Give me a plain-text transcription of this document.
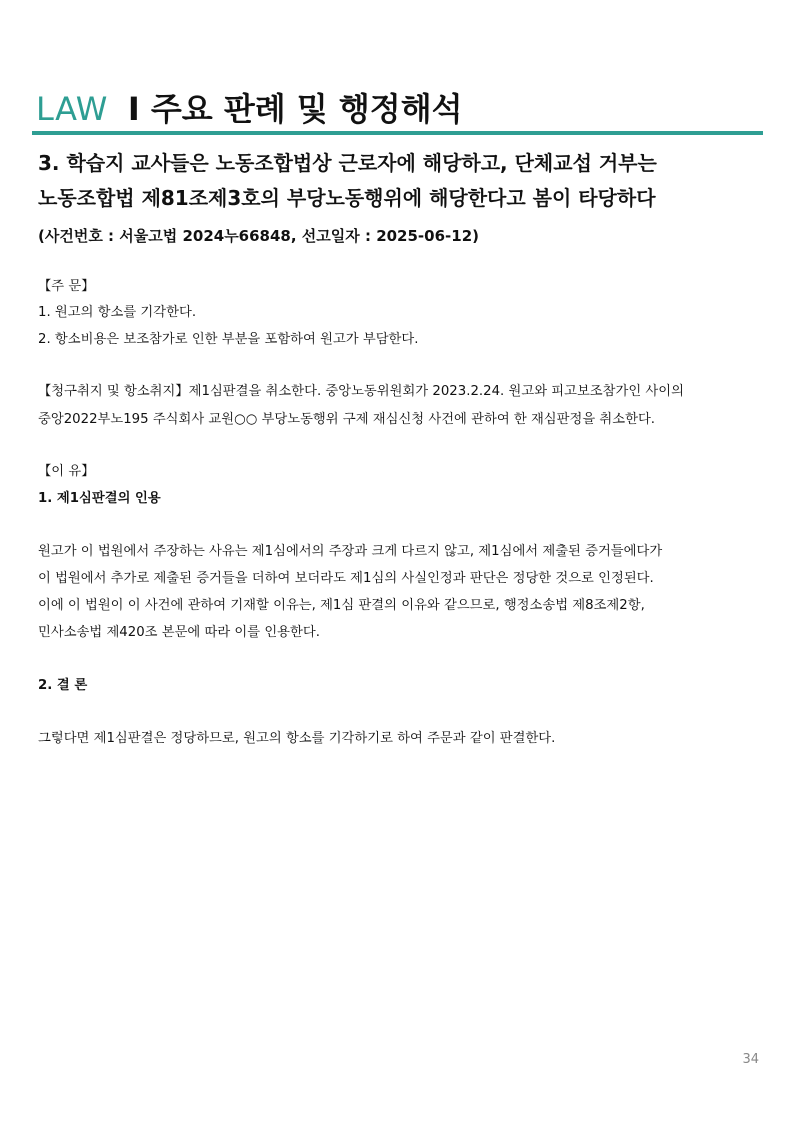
LAW I 주요 판례 및 행정해석
3. 학습지 교사들은 노동조합법상 근로자에 해당하고, 단체교섭 거부는
노동조합법 제81조제3호의 부당노동행위에 해당한다고 봄이 타당하다
(사건번호 : 서울고법 2024누66848, 선고일자 : 2025-06-12)
【주 문】
1. 원고의 항소를 기각한다.
2. 항소비용은 보조참가로 인한 부분을 포함하여 원고가 부담한다.
【청구취지 및 항소취지】제1심판결을 취소한다. 중앙노동위원회가 2023.2.24. 원고와 피고보조참가인 사이의
중앙2022부노195 주식회사 교원○○ 부당노동행위 구제 재심신청 사건에 관하여 한 재심판정을 취소한다.
【이 유】
1. 제1심판결의 인용
원고가 이 법원에서 주장하는 사유는 제1심에서의 주장과 크게 다르지 않고, 제1심에서 제출된 증거들에다가
이 법원에서 추가로 제출된 증거들을 더하여 보더라도 제1심의 사실인정과 판단은 정당한 것으로 인정된다.
이에 이 법원이 이 사건에 관하여 기재할 이유는, 제1심 판결의 이유와 같으므로, 행정소송법 제8조제2항,
민사소송법 제420조 본문에 따라 이를 인용한다.
2. 결 론
그렇다면 제1심판결은 정당하므로, 원고의 항소를 기각하기로 하여 주문과 같이 판결한다.
34
